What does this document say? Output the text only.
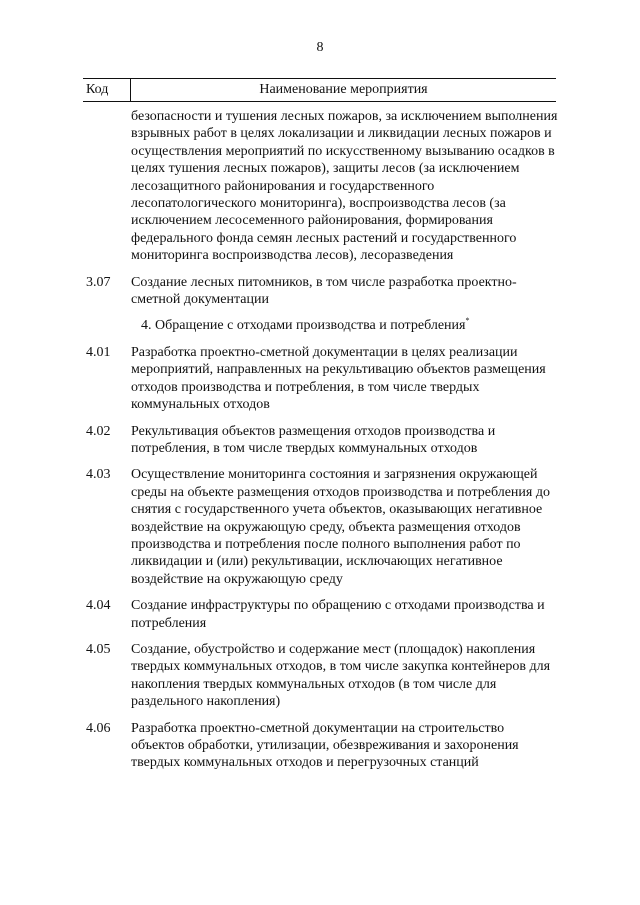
8
Код	Наименование мероприятия
безопасности и тушения лесных пожаров, за исключением выполнения взрывных работ в целях локализации и ликвидации лесных пожаров и осуществления мероприятий по искусственному вызыванию осадков в целях тушения лесных пожаров), защиты лесов (за исключением лесозащитного районирования и государственного лесопатологического мониторинга), воспроизводства лесов (за исключением лесосеменного районирования, формирования федерального фонда семян лесных растений и государственного мониторинга воспроизводства лесов), лесоразведения
3.07	Создание лесных питомников, в том числе разработка проектно-сметной документации
4. Обращение с отходами производства и потребления*
4.01	Разработка проектно-сметной документации в целях реализации мероприятий, направленных на рекультивацию объектов размещения отходов производства и потребления, в том числе твердых коммунальных отходов
4.02	Рекультивация объектов размещения отходов производства и потребления, в том числе твердых коммунальных отходов
4.03	Осуществление мониторинга состояния и загрязнения окружающей среды на объекте размещения отходов производства и потребления до снятия с государственного учета объектов, оказывающих негативное воздействие на окружающую среду, объекта размещения отходов производства и потребления после полного выполнения работ по ликвидации и (или) рекультивации, исключающих негативное воздействие на окружающую среду
4.04	Создание инфраструктуры по обращению с отходами производства и потребления
4.05	Создание, обустройство и содержание мест (площадок) накопления твердых коммунальных отходов, в том числе закупка контейнеров для накопления твердых коммунальных отходов (в том числе для раздельного накопления)
4.06	Разработка проектно-сметной документации на строительство объектов обработки, утилизации, обезвреживания и захоронения твердых коммунальных отходов и перегрузочных станций
